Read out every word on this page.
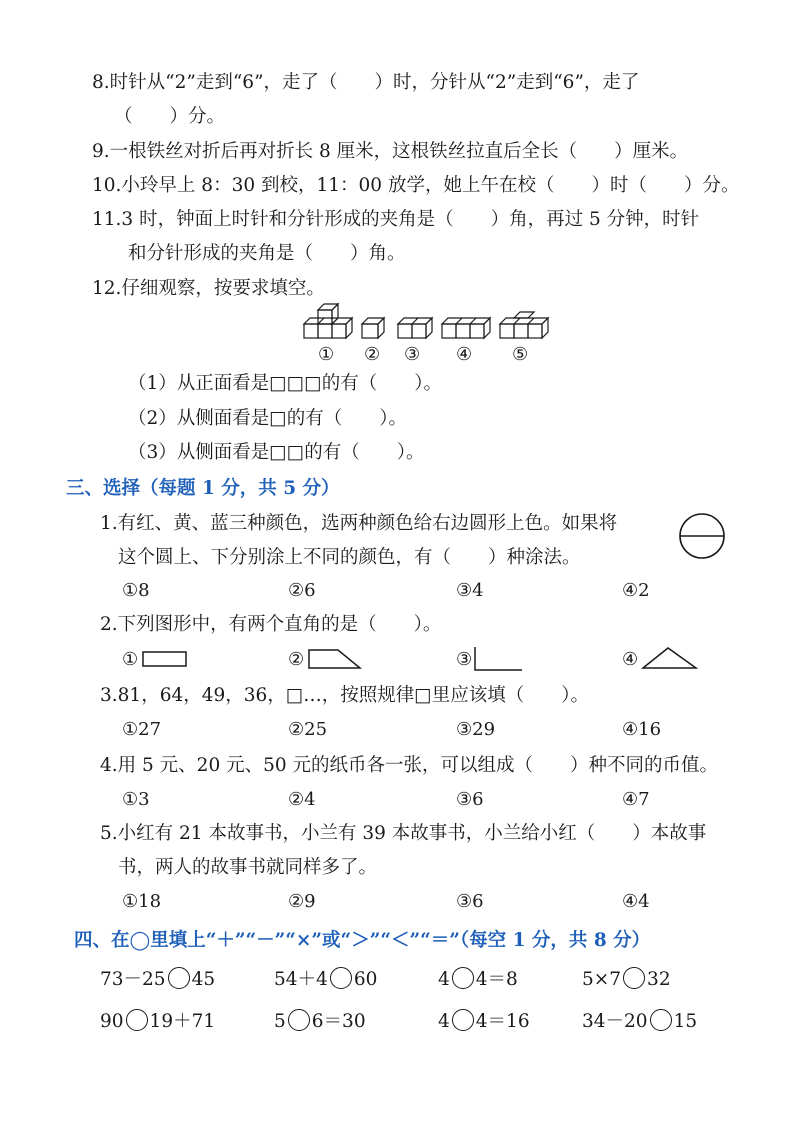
8.时针从“2”走到“6”，走了（　　）时，分针从“2”走到“6”，走了
（　　）分。
9.一根铁丝对折后再对折长 8 厘米，这根铁丝拉直后全长（　　）厘米。
10.小玲早上 8：30 到校，11：00 放学，她上午在校（　　）时（　　）分。
11.3 时，钟面上时针和分针形成的夹角是（　　）角，再过 5 分钟，时针
和分针形成的夹角是（　　）角。
12.仔细观察，按要求填空。
① ② ③ ④ ⑤
（1）从正面看是□□□的有（　　）。
（2）从侧面看是□的有（　　）。
（3）从侧面看是□□的有（　　）。
三、选择（每题 1 分，共 5 分）
1.有红、黄、蓝三种颜色，选两种颜色给右边圆形上色。如果将
这个圆上、下分别涂上不同的颜色，有（　　）种涂法。
①8	②6	③4	④2
2.下列图形中，有两个直角的是（　　）。
①	②	③	④
3.81，64，49，36，□…，按照规律□里应该填（　　）。
①27	②25	③29	④16
4.用 5 元、20 元、50 元的纸币各一张，可以组成（　　）种不同的币值。
①3	②4	③6	④7
5.小红有 21 本故事书，小兰有 39 本故事书，小兰给小红（　　）本故事
书，两人的故事书就同样多了。
①18	②9	③6	④4
四、在◯里填上“＋”“－”“×”或“＞”“＜”“＝”（每空 1 分，共 8 分）
73－25 45	54＋4 60	4 4＝8	5×7 32
90 19＋71	5 6＝30	4 4＝16	34－20 15
